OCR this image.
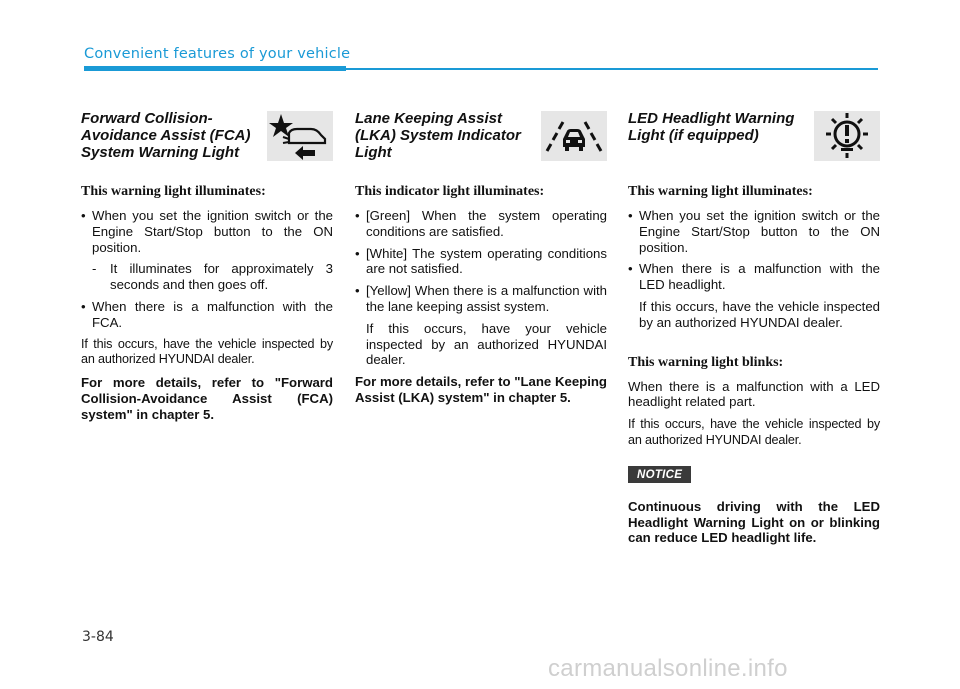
Convenient features of your vehicle
Forward Collision-Avoidance Assist (FCA) System Warning Light
This warning light illuminates:
• When you set the ignition switch or the Engine Start/Stop button to the ON position.
- It illuminates for approximately 3 seconds and then goes off.
• When there is a malfunction with the FCA.
If this occurs, have the vehicle inspected by an authorized HYUNDAI dealer.
For more details, refer to "Forward Collision-Avoidance Assist (FCA) system" in chapter 5.
Lane Keeping Assist (LKA) System Indicator Light
This indicator light illuminates:
• [Green] When the system operating conditions are satisfied.
• [White] The system operating conditions are not satisfied.
• [Yellow] When there is a malfunction with the lane keeping assist system.
If this occurs, have your vehicle inspected by an authorized HYUNDAI dealer.
For more details, refer to "Lane Keeping Assist (LKA) system" in chapter 5.
LED Headlight Warning Light (if equipped)
This warning light illuminates:
• When you set the ignition switch or the Engine Start/Stop button to the ON position.
• When there is a malfunction with the LED headlight.
If this occurs, have the vehicle inspected by an authorized HYUNDAI dealer.
This warning light blinks:
When there is a malfunction with a LED headlight related part.
If this occurs, have the vehicle inspected by an authorized HYUNDAI dealer.
NOTICE
Continuous driving with the LED Headlight Warning Light on or blinking can reduce LED headlight life.
3-84
carmanualsonline.info
